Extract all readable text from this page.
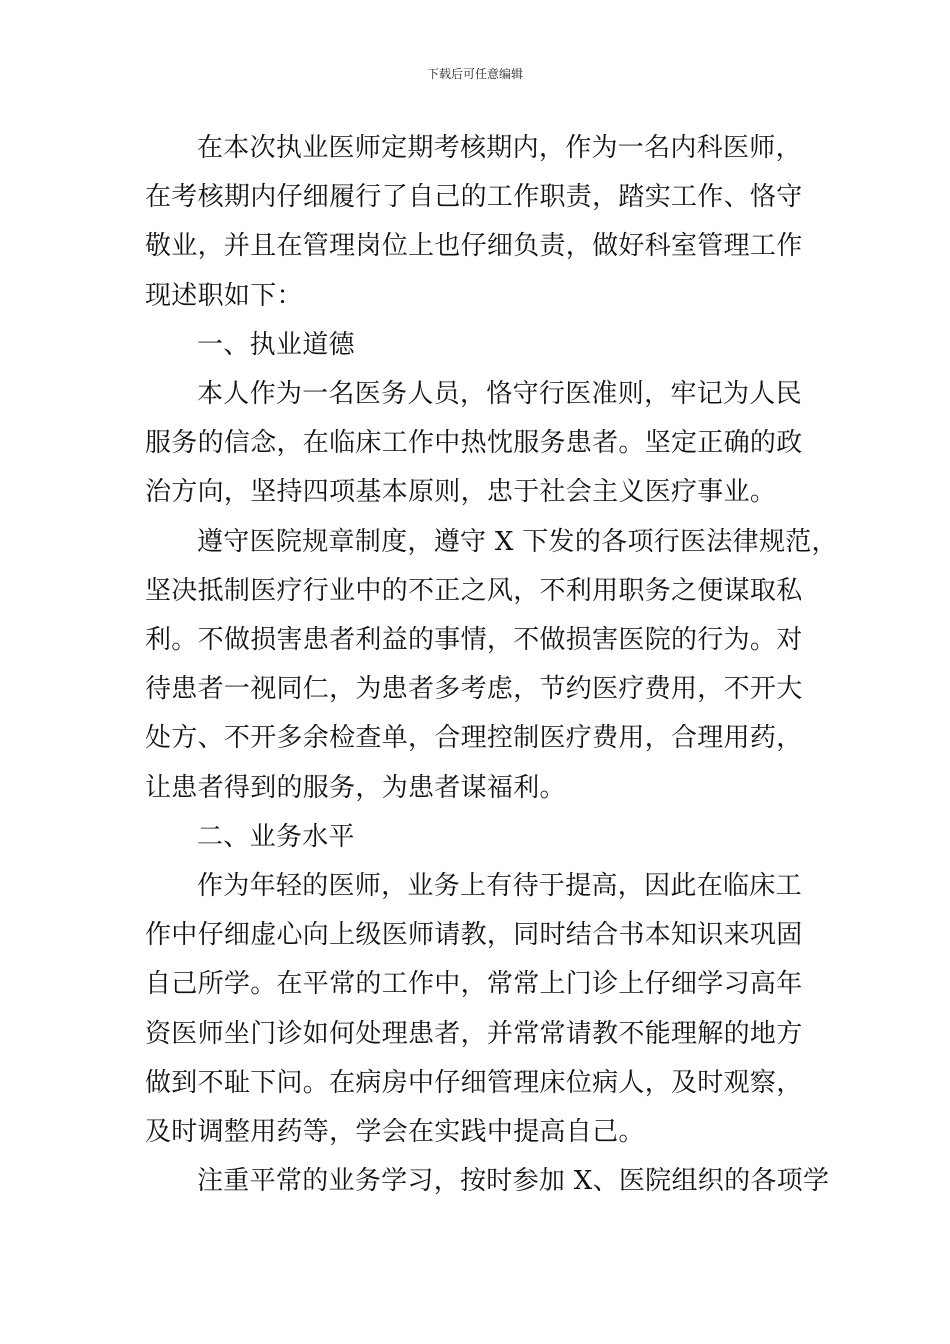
下载后可任意编辑

在本次执业医师定期考核期内，作为一名内科医师，
在考核期内仔细履行了自己的工作职责，踏实工作、恪守
敬业，并且在管理岗位上也仔细负责，做好科室管理工作
现述职如下：

一、执业道德

本人作为一名医务人员，恪守行医准则，牢记为人民
服务的信念，在临床工作中热忱服务患者。坚定正确的政
治方向，坚持四项基本原则，忠于社会主义医疗事业。

遵守医院规章制度，遵守 X 下发的各项行医法律规范，
坚决抵制医疗行业中的不正之风，不利用职务之便谋取私
利。不做损害患者利益的事情，不做损害医院的行为。对
待患者一视同仁，为患者多考虑，节约医疗费用，不开大
处方、不开多余检查单，合理控制医疗费用，合理用药，
让患者得到的服务，为患者谋福利。

二、业务水平

作为年轻的医师，业务上有待于提高，因此在临床工
作中仔细虚心向上级医师请教，同时结合书本知识来巩固
自己所学。在平常的工作中，常常上门诊上仔细学习高年
资医师坐门诊如何处理患者，并常常请教不能理解的地方
做到不耻下问。在病房中仔细管理床位病人，及时观察，
及时调整用药等，学会在实践中提高自己。

注重平常的业务学习，按时参加 X、医院组织的各项学
